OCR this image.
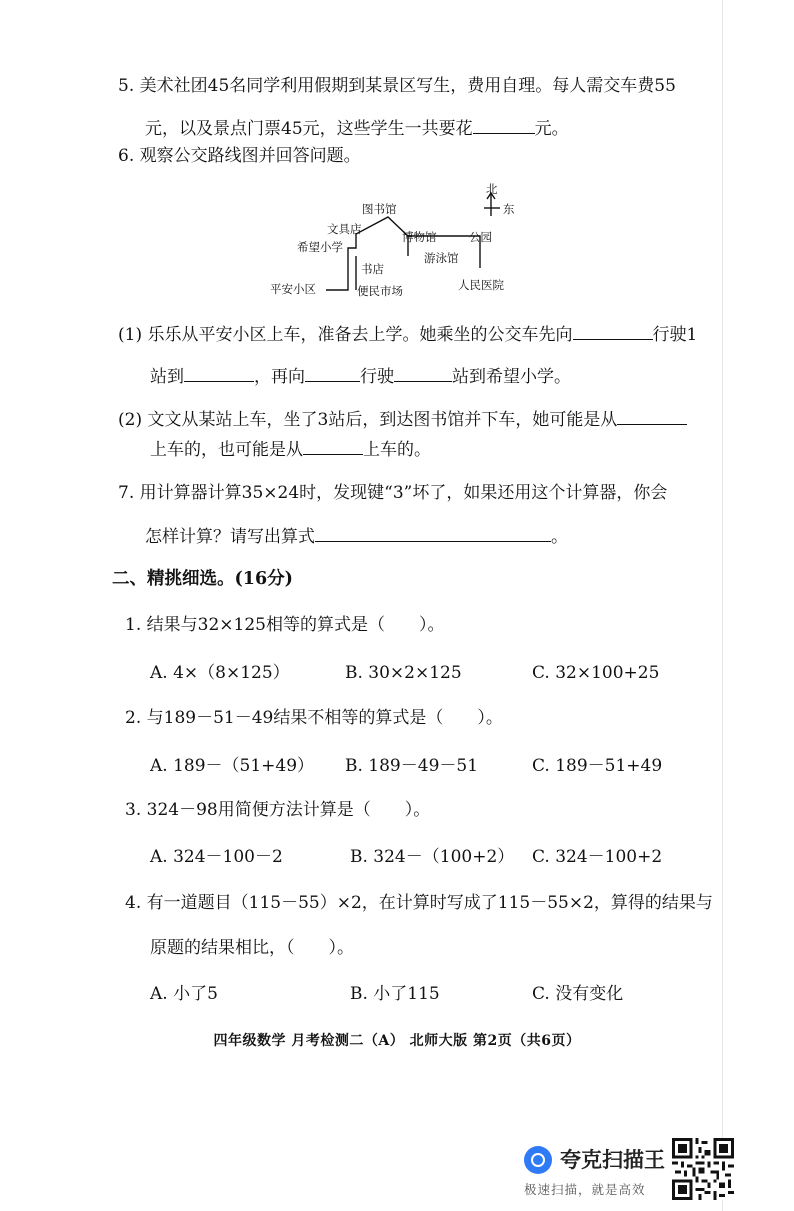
5. 美术社团45名同学利用假期到某景区写生，费用自理。每人需交车费55
元，以及景点门票45元，这些学生一共要花	元。
6. 观察公交路线图并回答问题。
北
东
图书馆
文具店
博物馆	公园
希望小学
书店
游泳馆
平安小区	便民市场	人民医院
(1) 乐乐从平安小区上车，准备去上学。她乘坐的公交车先向	行驶1
站到	，再向	行驶	站到希望小学。
(2) 文文从某站上车，坐了3站后，到达图书馆并下车，她可能是从
上车的，也可能是从	上车的。
7. 用计算器计算35×24时，发现键“3”坏了，如果还用这个计算器，你会
怎样计算？请写出算式	。
二、精挑细选。(16分)
1. 结果与32×125相等的算式是（　　）。
A. 4×（8×125）	B. 30×2×125	C. 32×100+25
2. 与189－51－49结果不相等的算式是（　　）。
A. 189－（51+49） B. 189－49－51	C. 189－51+49
3. 324－98用简便方法计算是（　　）。
A. 324－100－2	B. 324－（100+2） C. 324－100+2
4. 有一道题目（115－55）×2，在计算时写成了115－55×2，算得的结果与
原题的结果相比，（　　）。
A. 小了5	B. 小了115	C. 没有变化
四年级数学 月考检测二（A） 北师大版 第2页（共6页）
夸克扫描王
极速扫描，就是高效
